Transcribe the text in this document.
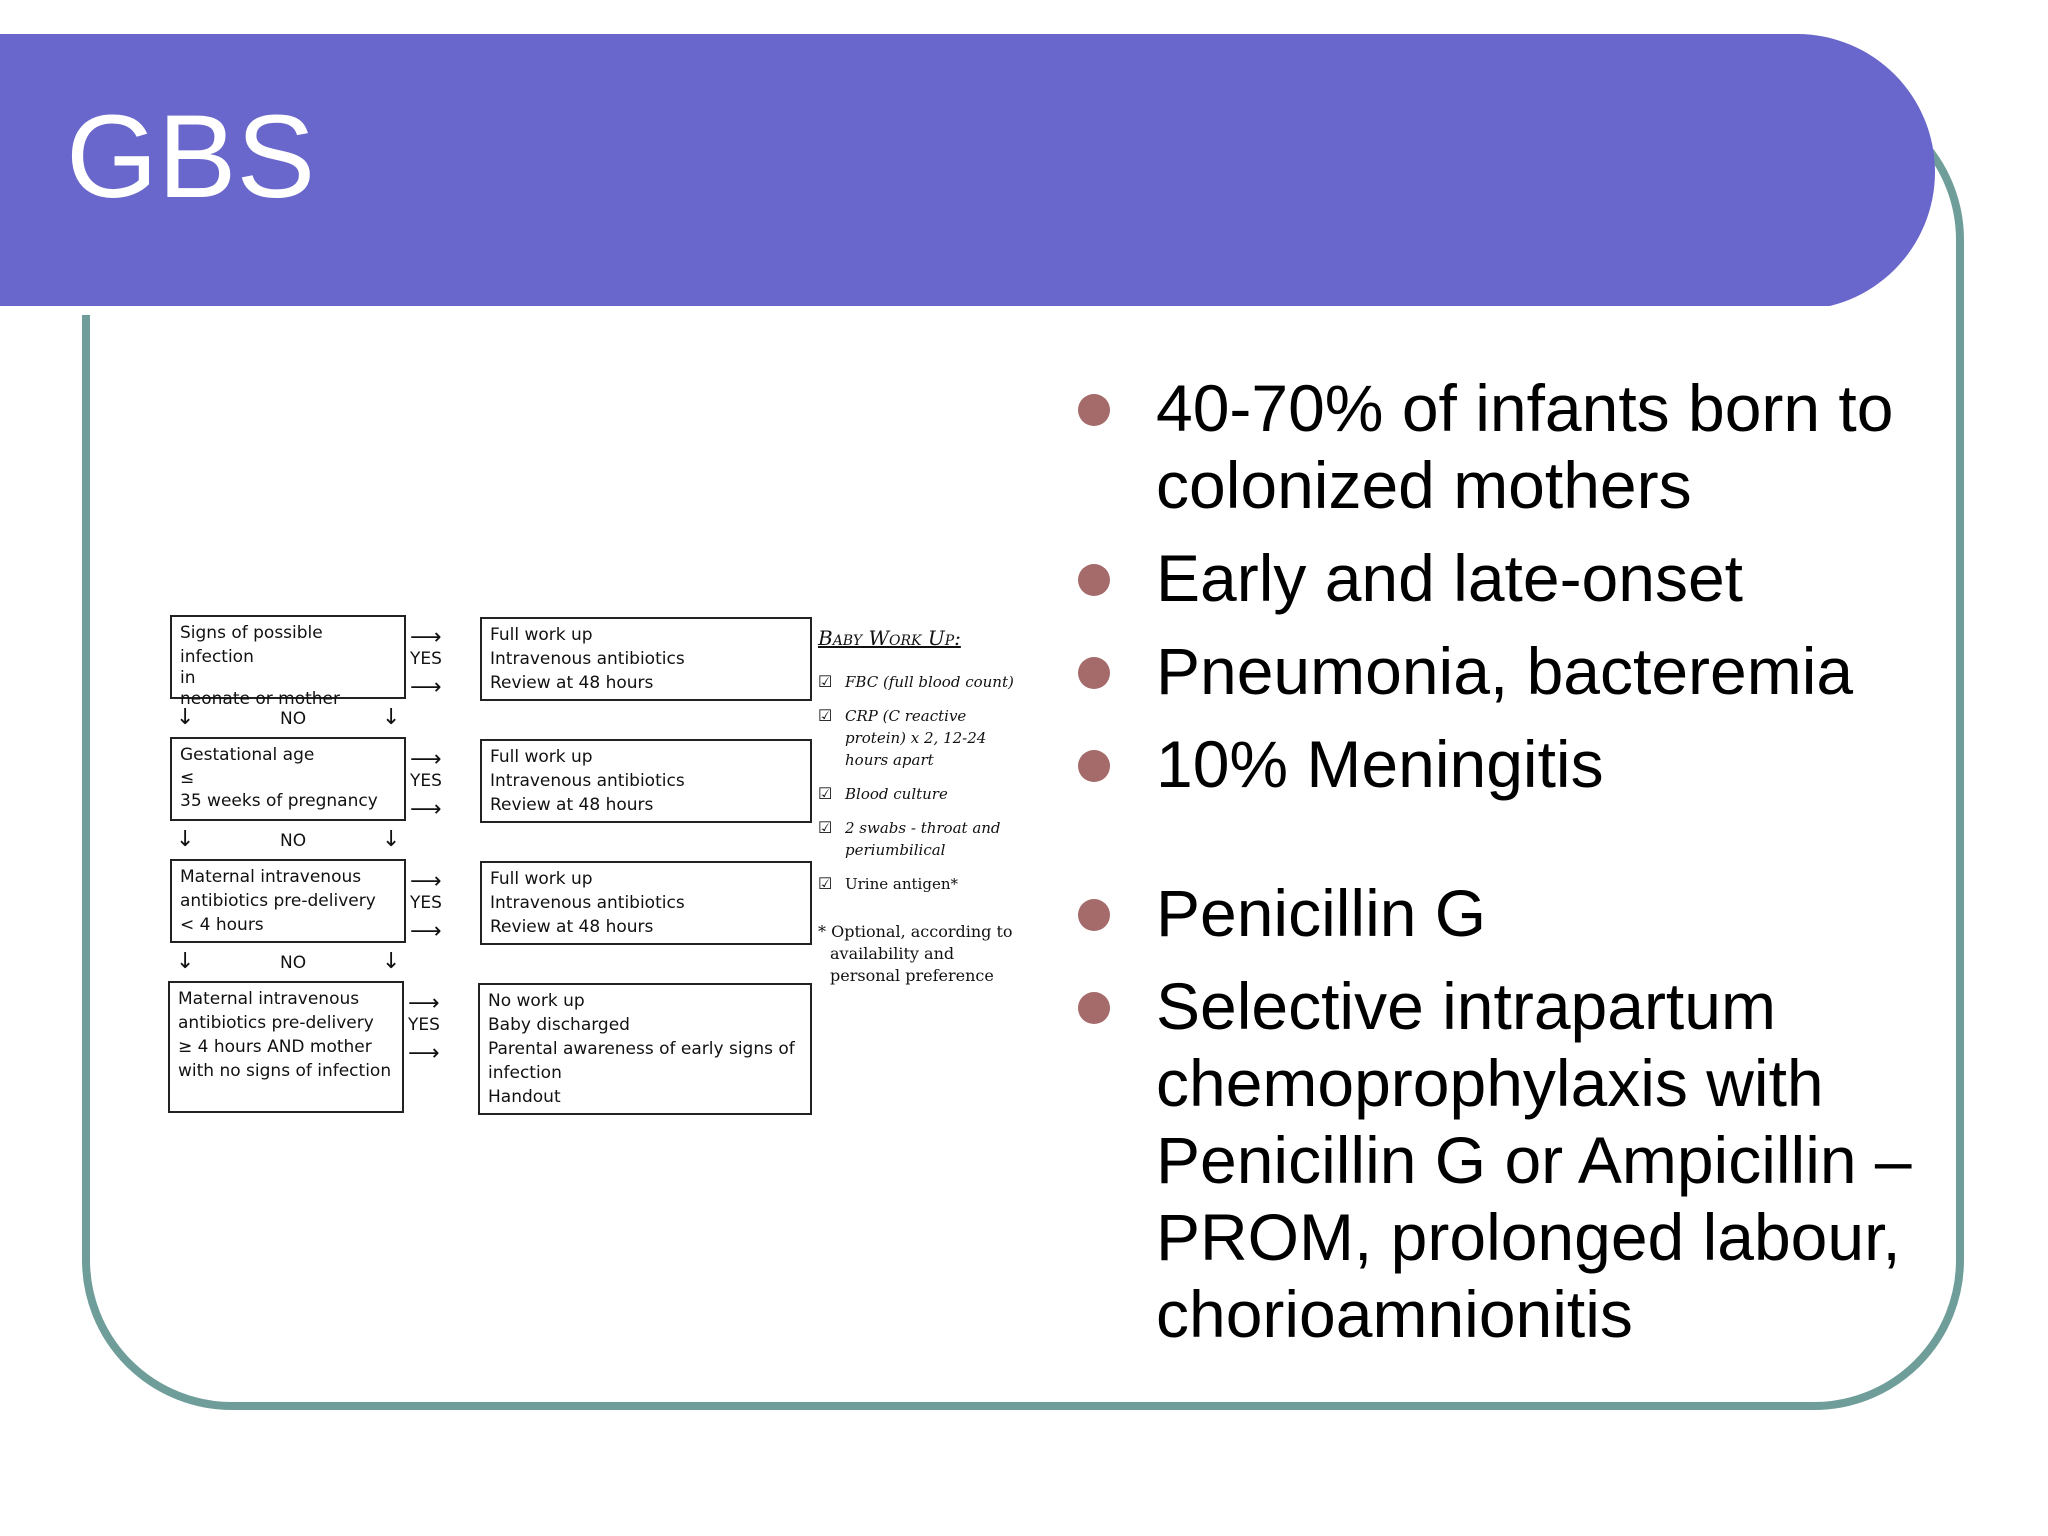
GBS
Signs of possible infection
in
neonate or mother
⟶
YES
⟶
Full work up
Intravenous antibiotics
Review at 48 hours
↓	NO	↓
Gestational age
≤
35 weeks of pregnancy
⟶
YES
⟶
Full work up
Intravenous antibiotics
Review at 48 hours
↓	NO	↓
Maternal intravenous
antibiotics pre-delivery
< 4 hours
⟶
YES
⟶
Full work up
Intravenous antibiotics
Review at 48 hours
↓	NO	↓
Maternal intravenous
antibiotics pre-delivery
≥ 4 hours AND mother
with no signs of infection
⟶
YES
⟶
No work up
Baby discharged
Parental awareness of early signs of
infection
Handout
Baby Work Up:
☑ FBC (full blood count)
☑ CRP (C reactive protein) x 2, 12-24 hours apart
☑ Blood culture
☑ 2 swabs - throat and periumbilical
☑ Urine antigen*
* Optional, according to availability and personal preference
40-70% of infants born to colonized mothers
Early and late-onset
Pneumonia, bacteremia
10% Meningitis
Penicillin G
Selective intrapartum chemoprophylaxis with Penicillin G or Ampicillin – PROM, prolonged labour, chorioamnionitis
